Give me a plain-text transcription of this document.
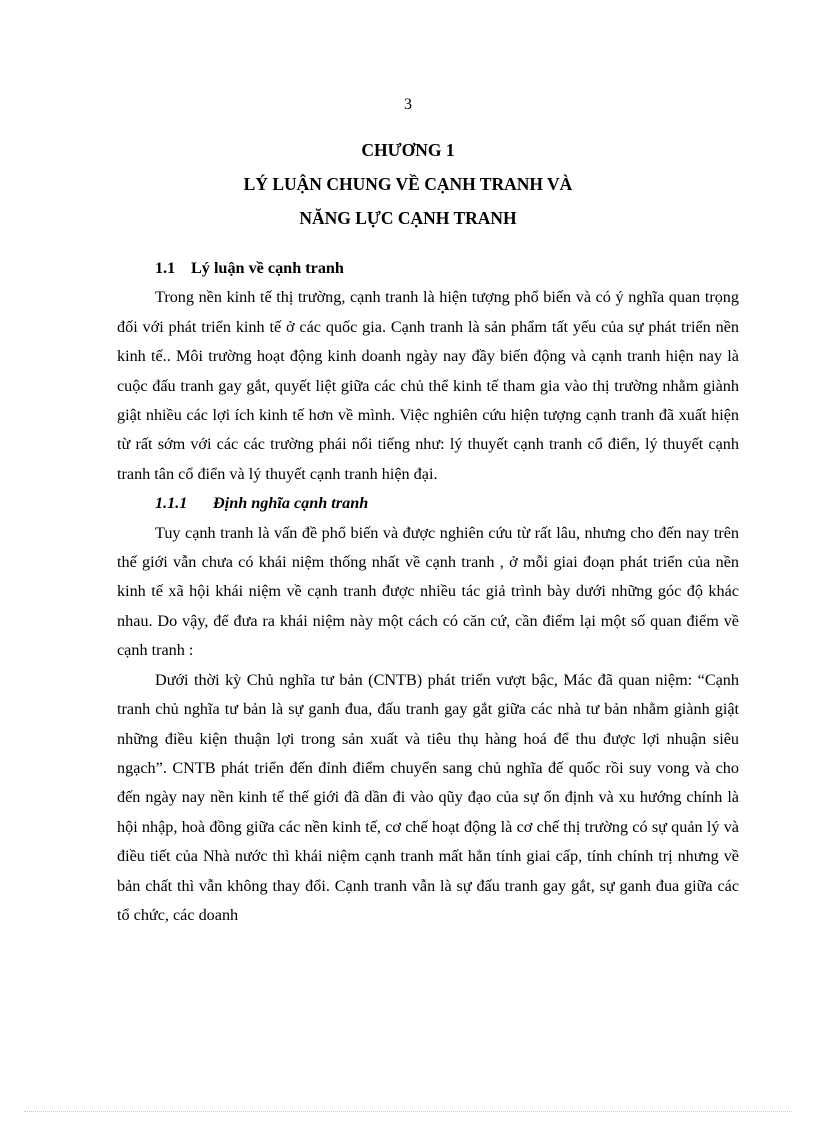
3
CHƯƠNG 1
LÝ LUẬN CHUNG VỀ CẠNH TRANH VÀ
NĂNG LỰC CẠNH TRANH
1.1 Lý luận về cạnh tranh

Trong nền kinh tế thị trường, cạnh tranh là hiện tượng phổ biến và có ý nghĩa quan trọng đối với phát triển kinh tế ở các quốc gia. Cạnh tranh là sản phẩm tất yếu của sự phát triển nền kinh tế.. Môi trường hoạt động kinh doanh ngày nay đầy biến động và cạnh tranh hiện nay là cuộc đấu tranh gay gắt, quyết liệt giữa các chủ thể kinh tế tham gia vào thị trường nhằm giành giật nhiều các lợi ích kinh tế hơn về mình. Việc nghiên cứu hiện tượng cạnh tranh đã xuất hiện từ rất sớm với các các trường phái nổi tiếng như: lý thuyết cạnh tranh cổ điển, lý thuyết cạnh tranh tân cổ điển và lý thuyết cạnh tranh hiện đại.

1.1.1 Định nghĩa cạnh tranh

Tuy cạnh tranh là vấn đề phổ biến và được nghiên cứu từ rất lâu, nhưng cho đến nay trên thế giới vẫn chưa có khái niệm thống nhất về cạnh tranh , ở mỗi giai đoạn phát triển của nền kinh tế xã hội khái niệm về cạnh tranh được nhiều tác giả trình bày dưới những góc độ khác nhau. Do vậy, để đưa ra khái niệm này một cách có căn cứ, cần điểm lại một số quan điểm về cạnh tranh :

Dưới thời kỳ Chủ nghĩa tư bản (CNTB) phát triển vượt bậc, Mác đã quan niệm: “Cạnh tranh chủ nghĩa tư bản là sự ganh đua, đấu tranh gay gắt giữa các nhà tư bản nhằm giành giật những điều kiện thuận lợi trong sản xuất và tiêu thụ hàng hoá để thu được lợi nhuận siêu ngạch”. CNTB phát triển đến đỉnh điểm chuyển sang chủ nghĩa đế quốc rồi suy vong và cho đến ngày nay nền kinh tế thế giới đã dần đi vào qũy đạo của sự ổn định và xu hướng chính là hội nhập, hoà đồng giữa các nền kinh tế, cơ chế hoạt động là cơ chế thị trường có sự quản lý và điều tiết của Nhà nước thì khái niệm cạnh tranh mất hẳn tính giai cấp, tính chính trị nhưng về bản chất thì vẫn không thay đổi. Cạnh tranh vẫn là sự đấu tranh gay gắt, sự ganh đua giữa các tổ chức, các doanh
